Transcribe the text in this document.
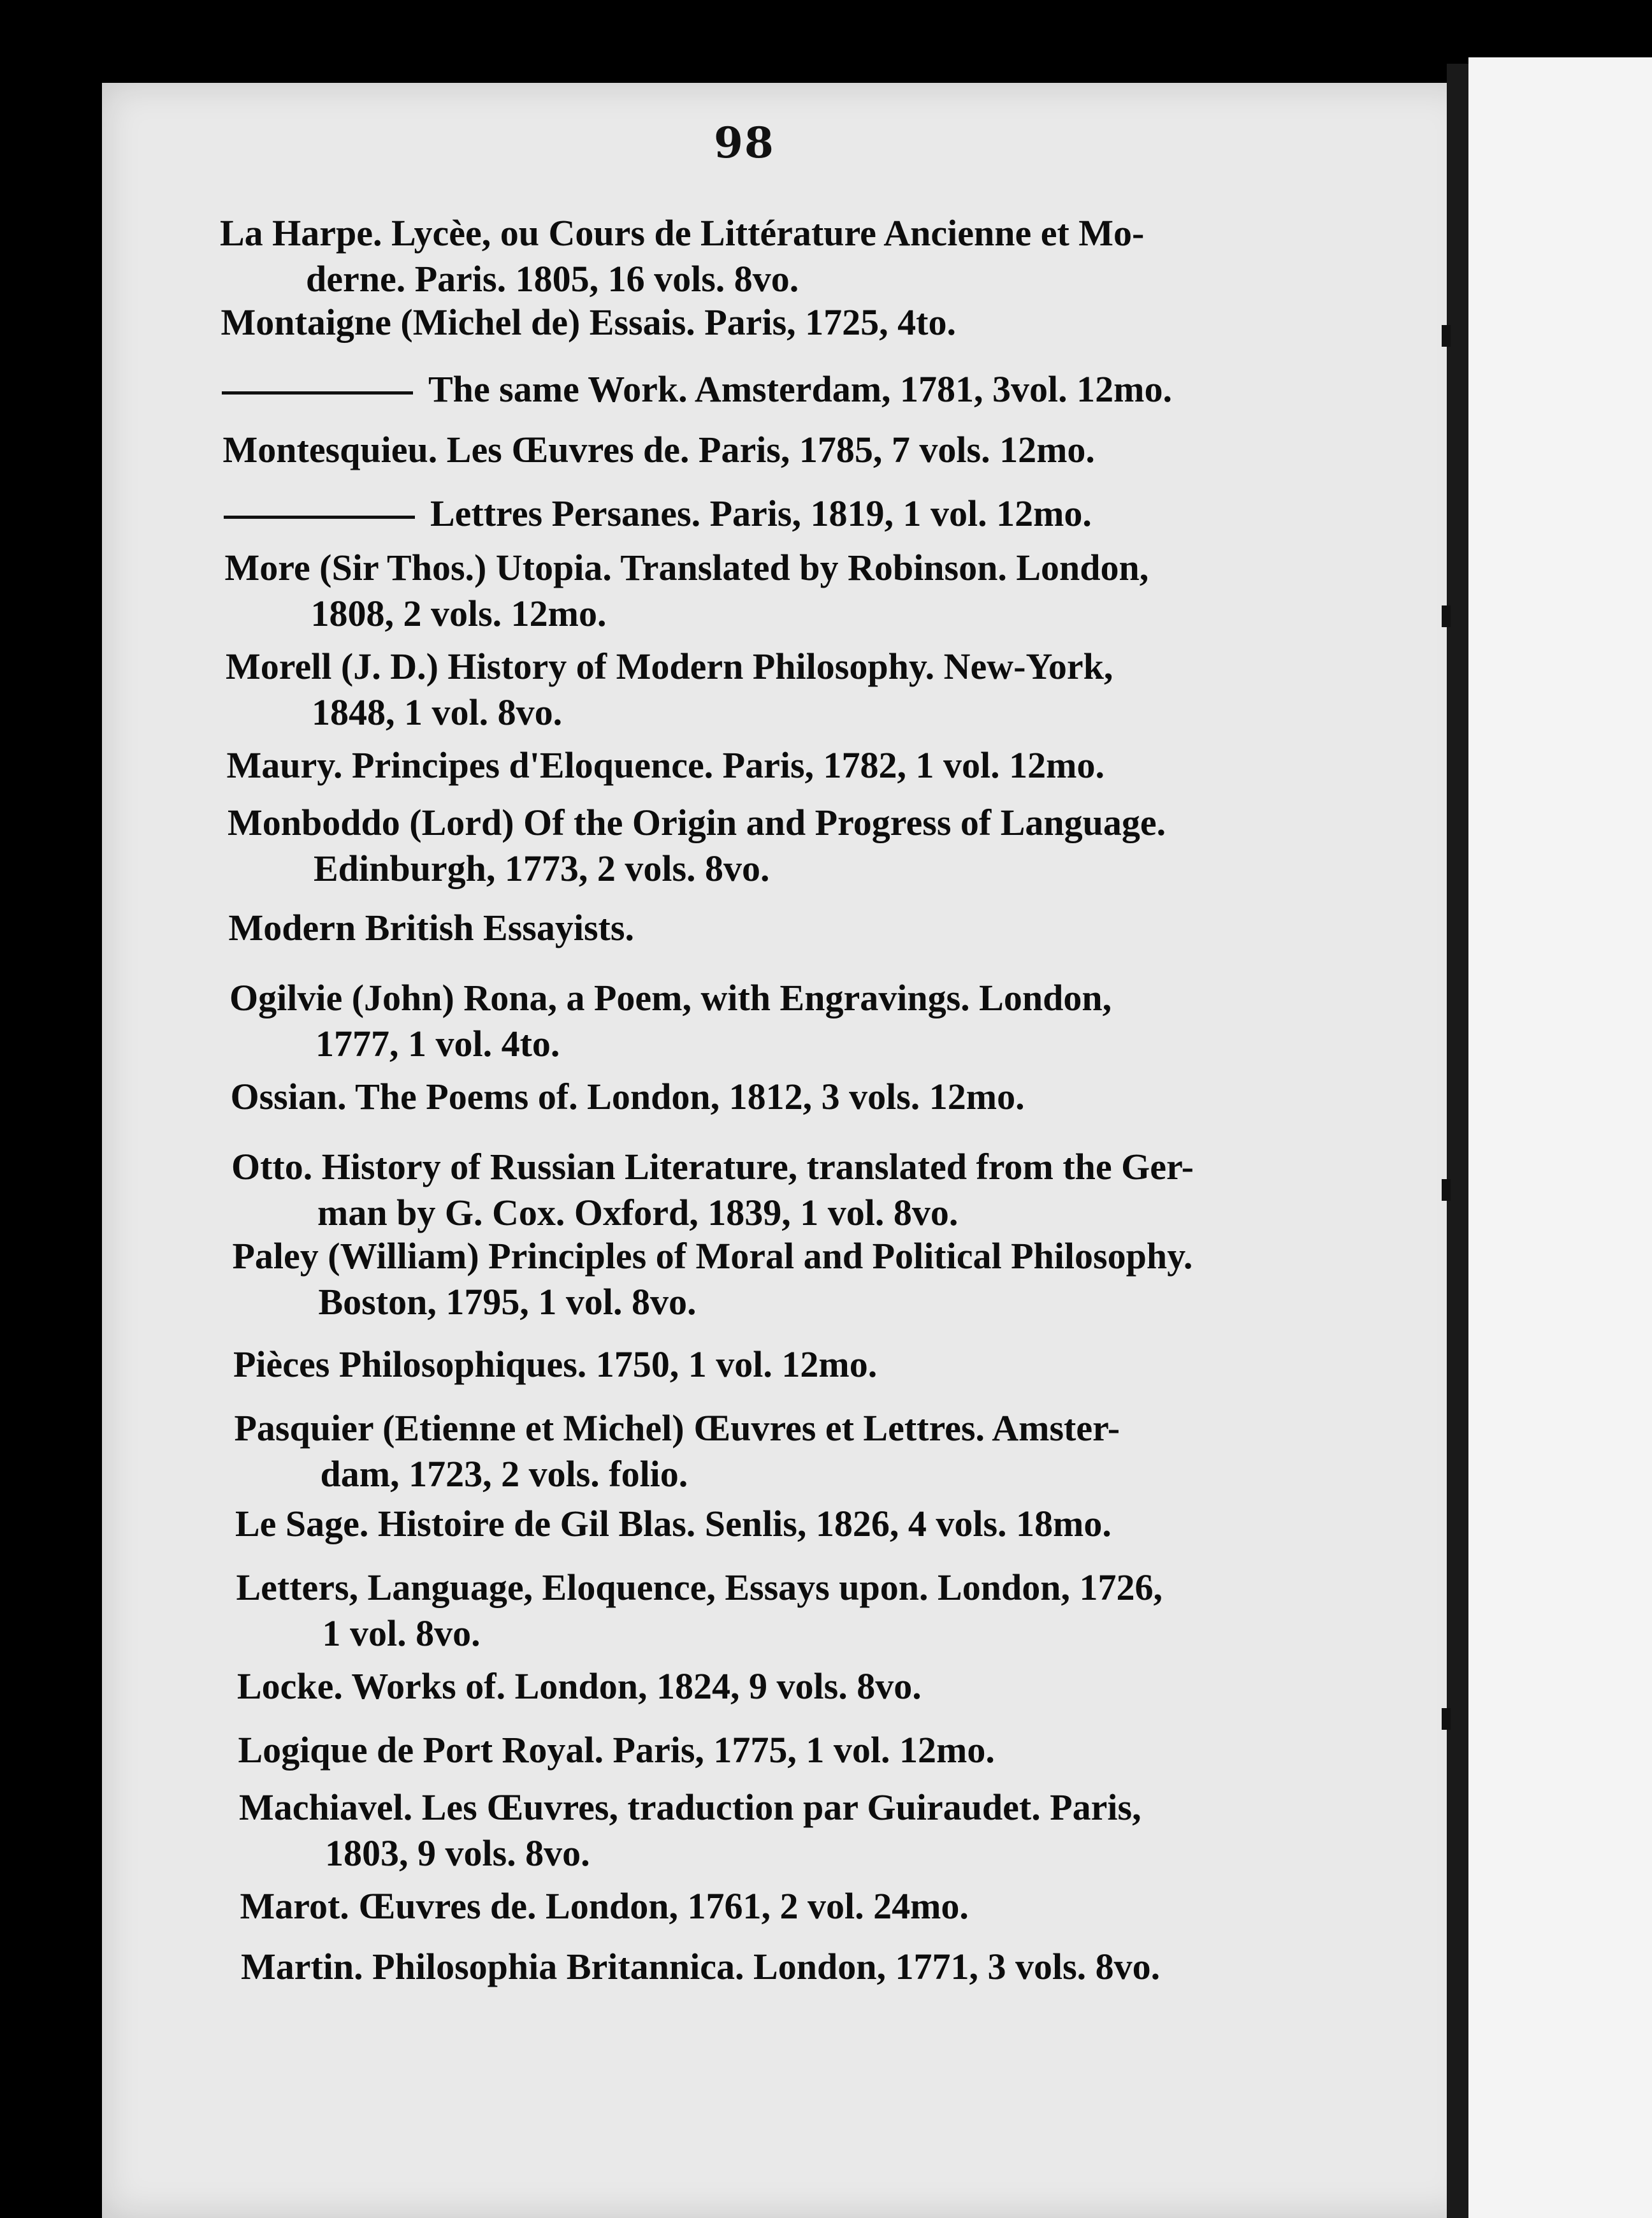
98
La Harpe. Lycèe, ou Cours de Littérature Ancienne et Mo-
derne. Paris. 1805, 16 vols. 8vo.
Montaigne (Michel de) Essais. Paris, 1725, 4to.
The same Work. Amsterdam, 1781, 3vol. 12mo.
Montesquieu. Les Œuvres de. Paris, 1785, 7 vols. 12mo.
Lettres Persanes. Paris, 1819, 1 vol. 12mo.
More (Sir Thos.) Utopia. Translated by Robinson. London,
1808, 2 vols. 12mo.
Morell (J. D.) History of Modern Philosophy. New-York,
1848, 1 vol. 8vo.
Maury. Principes d'Eloquence. Paris, 1782, 1 vol. 12mo.
Monboddo (Lord) Of the Origin and Progress of Language.
Edinburgh, 1773, 2 vols. 8vo.
Modern British Essayists.
Ogilvie (John) Rona, a Poem, with Engravings. London,
1777, 1 vol. 4to.
Ossian. The Poems of. London, 1812, 3 vols. 12mo.
Otto. History of Russian Literature, translated from the Ger-
man by G. Cox. Oxford, 1839, 1 vol. 8vo.
Paley (William) Principles of Moral and Political Philosophy.
Boston, 1795, 1 vol. 8vo.
Pièces Philosophiques. 1750, 1 vol. 12mo.
Pasquier (Etienne et Michel) Œuvres et Lettres. Amster-
dam, 1723, 2 vols. folio.
Le Sage. Histoire de Gil Blas. Senlis, 1826, 4 vols. 18mo.
Letters, Language, Eloquence, Essays upon. London, 1726,
1 vol. 8vo.
Locke. Works of. London, 1824, 9 vols. 8vo.
Logique de Port Royal. Paris, 1775, 1 vol. 12mo.
Machiavel. Les Œuvres, traduction par Guiraudet. Paris,
1803, 9 vols. 8vo.
Marot. Œuvres de. London, 1761, 2 vol. 24mo.
Martin. Philosophia Britannica. London, 1771, 3 vols. 8vo.
